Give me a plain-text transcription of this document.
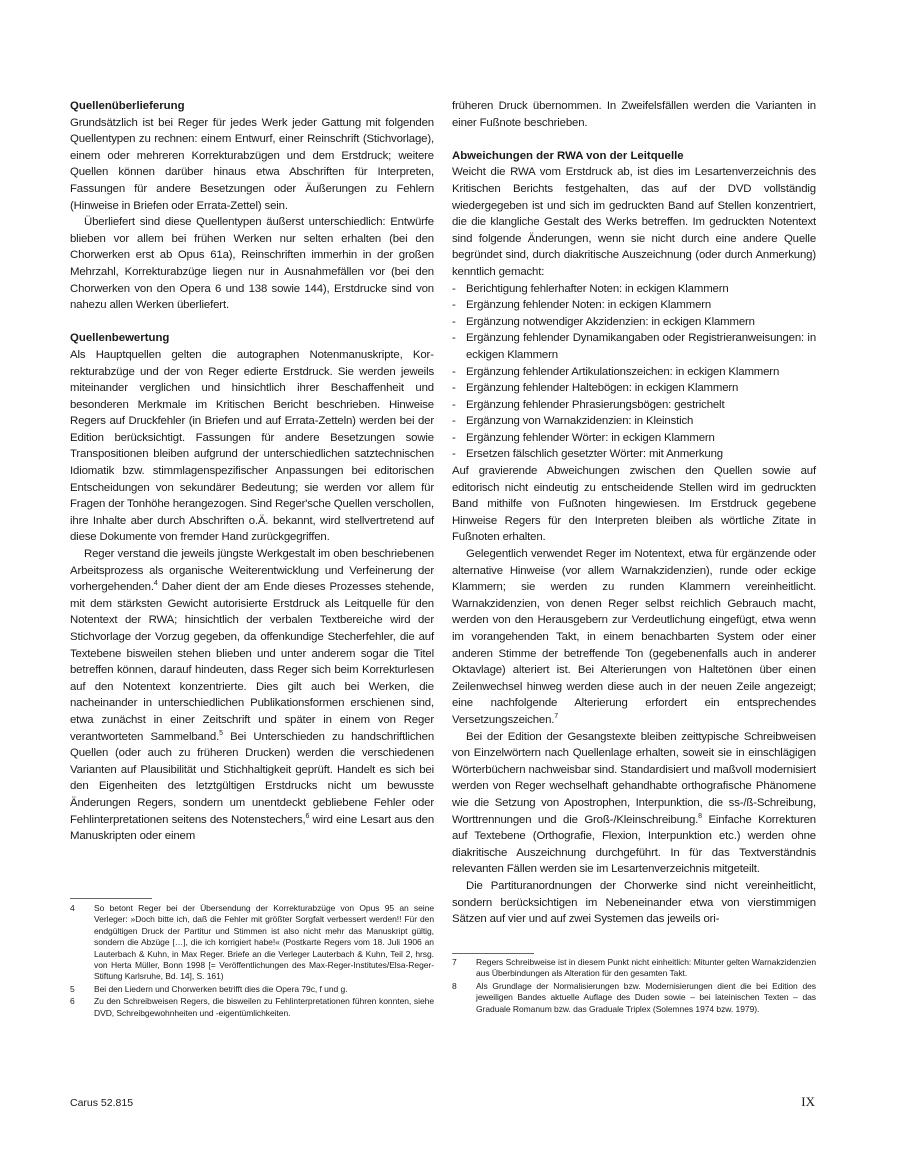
Quellenüberlieferung

Grundsätzlich ist bei Reger für jedes Werk jeder Gattung mit folgenden Quellentypen zu rechnen: einem Entwurf, einer Reinschrift (Stichvorlage), einem oder mehreren Korrekturabzügen und dem Erstdruck; weitere Quellen können darüber hinaus etwa Abschriften für Interpreten, Fassungen für andere Besetzungen oder Äußerungen zu Fehlern (Hinweise in Briefen oder Errata-Zettel) sein.

Überliefert sind diese Quellentypen äußerst unterschiedlich: Entwürfe blieben vor allem bei frühen Werken nur selten erhalten (bei den Chorwerken erst ab Opus 61a), Reinschriften immerhin in der großen Mehrzahl, Korrekturabzüge liegen nur in Ausnahmefällen vor (bei den Chorwerken von den Opera 6 und 138 sowie 144), Erstdrucke sind von nahezu allen Werken überliefert.

Quellenbewertung

Als Hauptquellen gelten die autographen Notenmanuskripte, Korrekturabzüge und der von Reger edierte Erstdruck. Sie werden jeweils miteinander verglichen und hinsichtlich ihrer Beschaffenheit und besonderen Merkmale im Kritischen Bericht beschrieben. Hinweise Regers auf Druckfehler (in Briefen und auf Errata-Zetteln) werden bei der Edition berücksichtigt. Fassungen für andere Besetzungen sowie Transpositionen bleiben aufgrund der unterschiedlichen satztechnischen Idiomatik bzw. stimmlagenspezifischer Anpassungen bei editorischen Entscheidungen von sekundärer Bedeutung; sie werden vor allem für Fragen der Tonhöhe herangezogen. Sind Reger'sche Quellen verschollen, ihre Inhalte aber durch Abschriften o.Ä. bekannt, wird stellvertretend auf diese Dokumente von fremder Hand zurückgegriffen.

Reger verstand die jeweils jüngste Werkgestalt im oben beschriebenen Arbeitsprozess als organische Weiterentwicklung und Verfeinerung der vorhergehenden.$^4$ Daher dient der am Ende dieses Prozesses stehende, mit dem stärksten Gewicht autorisierte Erstdruck als Leitquelle für den Notentext der RWA; hinsichtlich der verbalen Textbereiche wird der Stichvorlage der Vorzug gegeben, da offenkundige Stecherfehler, die auf Textebene bisweilen stehen blieben und unter anderem sogar die Titel betreffen können, darauf hindeuten, dass Reger sich beim Korrekturlesen auf den Notentext konzentrierte. Dies gilt auch bei Werken, die nacheinander in unterschiedlichen Publikationsformen erschienen sind, etwa zunächst in einer Zeitschrift und später in einem von Reger verantworteten Sammelband.$^5$ Bei Unterschieden zu handschriftlichen Quellen (oder auch zu früheren Drucken) werden die verschiedenen Varianten auf Plausibilität und Stichhaltigkeit geprüft. Handelt es sich bei den Eigenheiten des letztgültigen Erstdrucks nicht um bewusste Änderungen Regers, sondern um unentdeckt gebliebene Fehler oder Fehlinterpretationen seitens des Notenstechers,$^6$ wird eine Lesart aus den Manuskripten oder einem

früheren Druck übernommen. In Zweifelsfällen werden die Varianten in einer Fußnote beschrieben.

Abweichungen der RWA von der Leitquelle

Weicht die RWA vom Erstdruck ab, ist dies im Lesartenverzeichnis des Kritischen Berichts festgehalten, das auf der DVD vollständig wiedergegeben ist und sich im gedruckten Band auf Stellen konzentriert, die die klangliche Gestalt des Werks betreffen. Im gedruckten Notentext sind folgende Änderungen, wenn sie nicht durch eine andere Quelle begründet sind, durch diakritische Auszeichnung (oder durch Anmerkung) kenntlich gemacht:

- Berichtigung fehlerhafter Noten: in eckigen Klammern
- Ergänzung fehlender Noten: in eckigen Klammern
- Ergänzung notwendiger Akzidenzien: in eckigen Klammern
- Ergänzung fehlender Dynamikangaben oder Registrieranweisungen: in eckigen Klammern
- Ergänzung fehlender Artikulationszeichen: in eckigen Klammern
- Ergänzung fehlender Haltebögen: in eckigen Klammern
- Ergänzung fehlender Phrasierungsbögen: gestrichelt
- Ergänzung von Warnakzidenzien: in Kleinstich
- Ergänzung fehlender Wörter: in eckigen Klammern
- Ersetzen fälschlich gesetzter Wörter: mit Anmerkung

Auf gravierende Abweichungen zwischen den Quellen sowie auf editorisch nicht eindeutig zu entscheidende Stellen wird im gedruckten Band mithilfe von Fußnoten hingewiesen. Im Erstdruck gegebene Hinweise Regers für den Interpreten bleiben als wörtliche Zitate in Fußnoten erhalten.

Gelegentlich verwendet Reger im Notentext, etwa für ergänzende oder alternative Hinweise (vor allem Warnakzidenzien), runde oder eckige Klammern; sie werden zu runden Klammern vereinheitlicht. Warnakzidenzien, von denen Reger selbst reichlich Gebrauch macht, werden von den Herausgebern zur Verdeutlichung eingefügt, etwa wenn im vorangehenden Takt, in einem benachbarten System oder einer anderen Stimme der betreffende Ton (gegebenenfalls auch in anderer Oktavlage) alteriert ist. Bei Alterierungen von Haltetönen über einen Zeilenwechsel hinweg werden diese auch in der neuen Zeile angezeigt; eine nachfolgende Alterierung erfordert ein entsprechendes Versetzungszeichen.$^7$

Bei der Edition der Gesangstexte bleiben zeittypische Schreibweisen von Einzelwörtern nach Quellenlage erhalten, soweit sie in einschlägigen Wörterbüchern nachweisbar sind. Standardisiert und maßvoll modernisiert werden von Reger wechselhaft gehandhabte orthografische Phänomene wie die Setzung von Apostrophen, Interpunktion, die ss-/ß-Schreibung, Worttrennungen und die Groß-/Kleinschreibung.$^8$ Einfache Korrekturen auf Textebene (Orthografie, Flexion, Interpunktion etc.) werden ohne diakritische Auszeichnung durchgeführt. In für das Textverständnis relevanten Fällen werden sie im Lesartenverzeichnis mitgeteilt.

Die Partituranordnungen der Chorwerke sind nicht vereinheitlicht, sondern berücksichtigen im Nebeneinander etwa von vierstimmigen Sätzen auf vier und auf zwei Systemen das jeweils ori-

4 So betont Reger bei der Übersendung der Korrekturabzüge von Opus 95 an seine Verleger: »Doch bitte ich, daß die Fehler mit größter Sorgfalt verbessert werden!! Für den endgültigen Druck der Partitur und Stimmen ist also nicht mehr das Manuskript gültig, sondern die Abzüge […], die ich korrigiert habe!« (Postkarte Regers vom 18. Juli 1906 an Lauterbach & Kuhn, in Max Reger. Briefe an die Verleger Lauterbach & Kuhn, Teil 2, hrsg. von Herta Müller, Bonn 1998 [= Veröffentlichungen des Max-Reger-Institutes/Elsa-Reger-Stiftung Karlsruhe, Bd. 14], S. 161)

5 Bei den Liedern und Chorwerken betrifft dies die Opera 79c, f und g.

6 Zu den Schreibweisen Regers, die bisweilen zu Fehlinterpretationen führen konnten, siehe DVD, Schreibgewohnheiten und -eigentümlichkeiten.

7 Regers Schreibweise ist in diesem Punkt nicht einheitlich: Mitunter gelten Warnakzidenzien aus Überbindungen als Alteration für den gesamten Takt.

8 Als Grundlage der Normalisierungen bzw. Modernisierungen dient die bei Edition des jeweiligen Bandes aktuelle Auflage des Duden sowie – bei lateinischen Texten – das Graduale Romanum bzw. das Graduale Triplex (Solemnes 1974 bzw. 1979).

Carus 52.815	IX
